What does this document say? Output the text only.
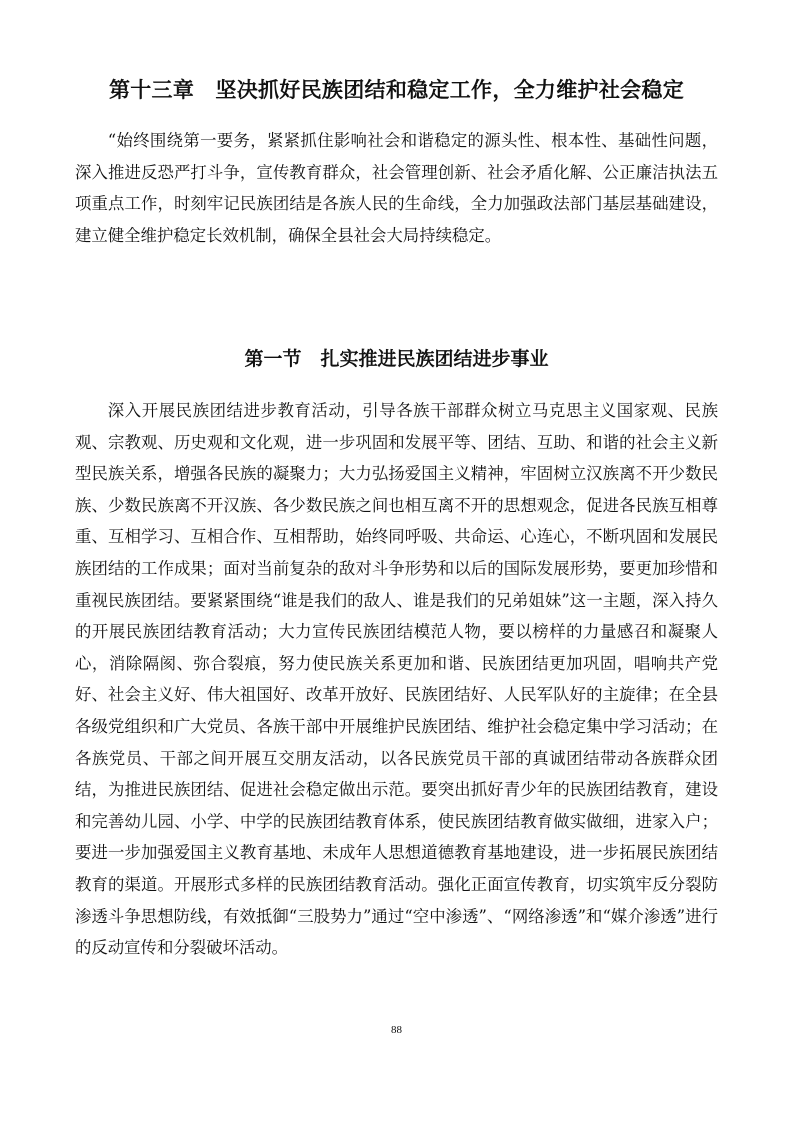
第十三章　坚决抓好民族团结和稳定工作，全力维护社会稳定

“始终围绕第一要务，紧紧抓住影响社会和谐稳定的源头性、根本性、基础性问题，深入推进反恐严打斗争，宣传教育群众，社会管理创新、社会矛盾化解、公正廉洁执法五项重点工作，时刻牢记民族团结是各族人民的生命线，全力加强政法部门基层基础建设，建立健全维护稳定长效机制，确保全县社会大局持续稳定。

第一节　扎实推进民族团结进步事业

深入开展民族团结进步教育活动，引导各族干部群众树立马克思主义国家观、民族观、宗教观、历史观和文化观，进一步巩固和发展平等、团结、互助、和谐的社会主义新型民族关系，增强各民族的凝聚力；大力弘扬爱国主义精神，牢固树立汉族离不开少数民族、少数民族离不开汉族、各少数民族之间也相互离不开的思想观念，促进各民族互相尊重、互相学习、互相合作、互相帮助，始终同呼吸、共命运、心连心，不断巩固和发展民族团结的工作成果；面对当前复杂的敌对斗争形势和以后的国际发展形势，要更加珍惜和重视民族团结。要紧紧围绕“谁是我们的敌人、谁是我们的兄弟姐妹”这一主题，深入持久的开展民族团结教育活动；大力宣传民族团结模范人物，要以榜样的力量感召和凝聚人心，消除隔阂、弥合裂痕，努力使民族关系更加和谐、民族团结更加巩固，唱响共产党好、社会主义好、伟大祖国好、改革开放好、民族团结好、人民军队好的主旋律；在全县各级党组织和广大党员、各族干部中开展维护民族团结、维护社会稳定集中学习活动；在各族党员、干部之间开展互交朋友活动，以各民族党员干部的真诚团结带动各族群众团结，为推进民族团结、促进社会稳定做出示范。要突出抓好青少年的民族团结教育，建设和完善幼儿园、小学、中学的民族团结教育体系，使民族团结教育做实做细，进家入户；要进一步加强爱国主义教育基地、未成年人思想道德教育基地建设，进一步拓展民族团结教育的渠道。开展形式多样的民族团结教育活动。强化正面宣传教育，切实筑牢反分裂防渗透斗争思想防线，有效抵御“三股势力”通过“空中渗透”、“网络渗透”和“媒介渗透”进行的反动宣传和分裂破坏活动。

88
